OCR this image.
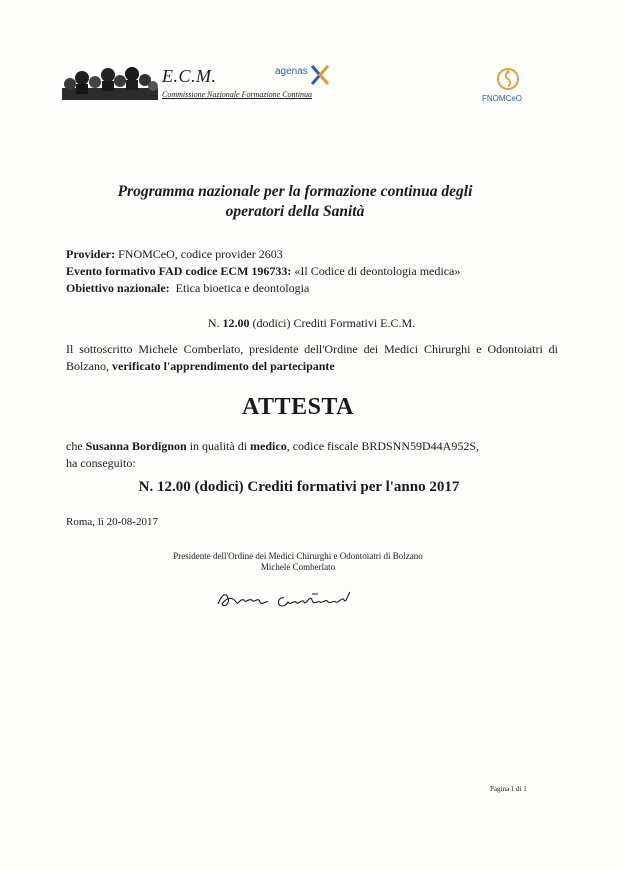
E.C.M.
Commissione Nazionale Formazione Continua
agenas
FNOMCeO
Programma nazionale per la formazione continua degli
operatori della Sanità
Provider: FNOMCeO, codice provider 2603
Evento formativo FAD codice ECM 196733: «Il Codice di deontologia medica»
Obiettivo nazionale:  Etica bioetica e deontologia
N. 12.00 (dodici) Crediti Formativi E.C.M.
Il sottoscritto Michele Comberlato, presidente dell'Ordine dei Medici Chirurghi e Odontoiatri di Bolzano, verificato l'apprendimento del partecipante
ATTESTA
che Susanna Bordignon in qualità di medico, codice fiscale BRDSNN59D44A952S,
ha conseguito:
N. 12.00 (dodici) Crediti formativi per l'anno 2017
Roma, lì 20-08-2017
Presidente dell'Ordine dei Medici Chirurghi e Odontoiatri di Bolzano
Michele Comberlato
Pagina 1 di 1
